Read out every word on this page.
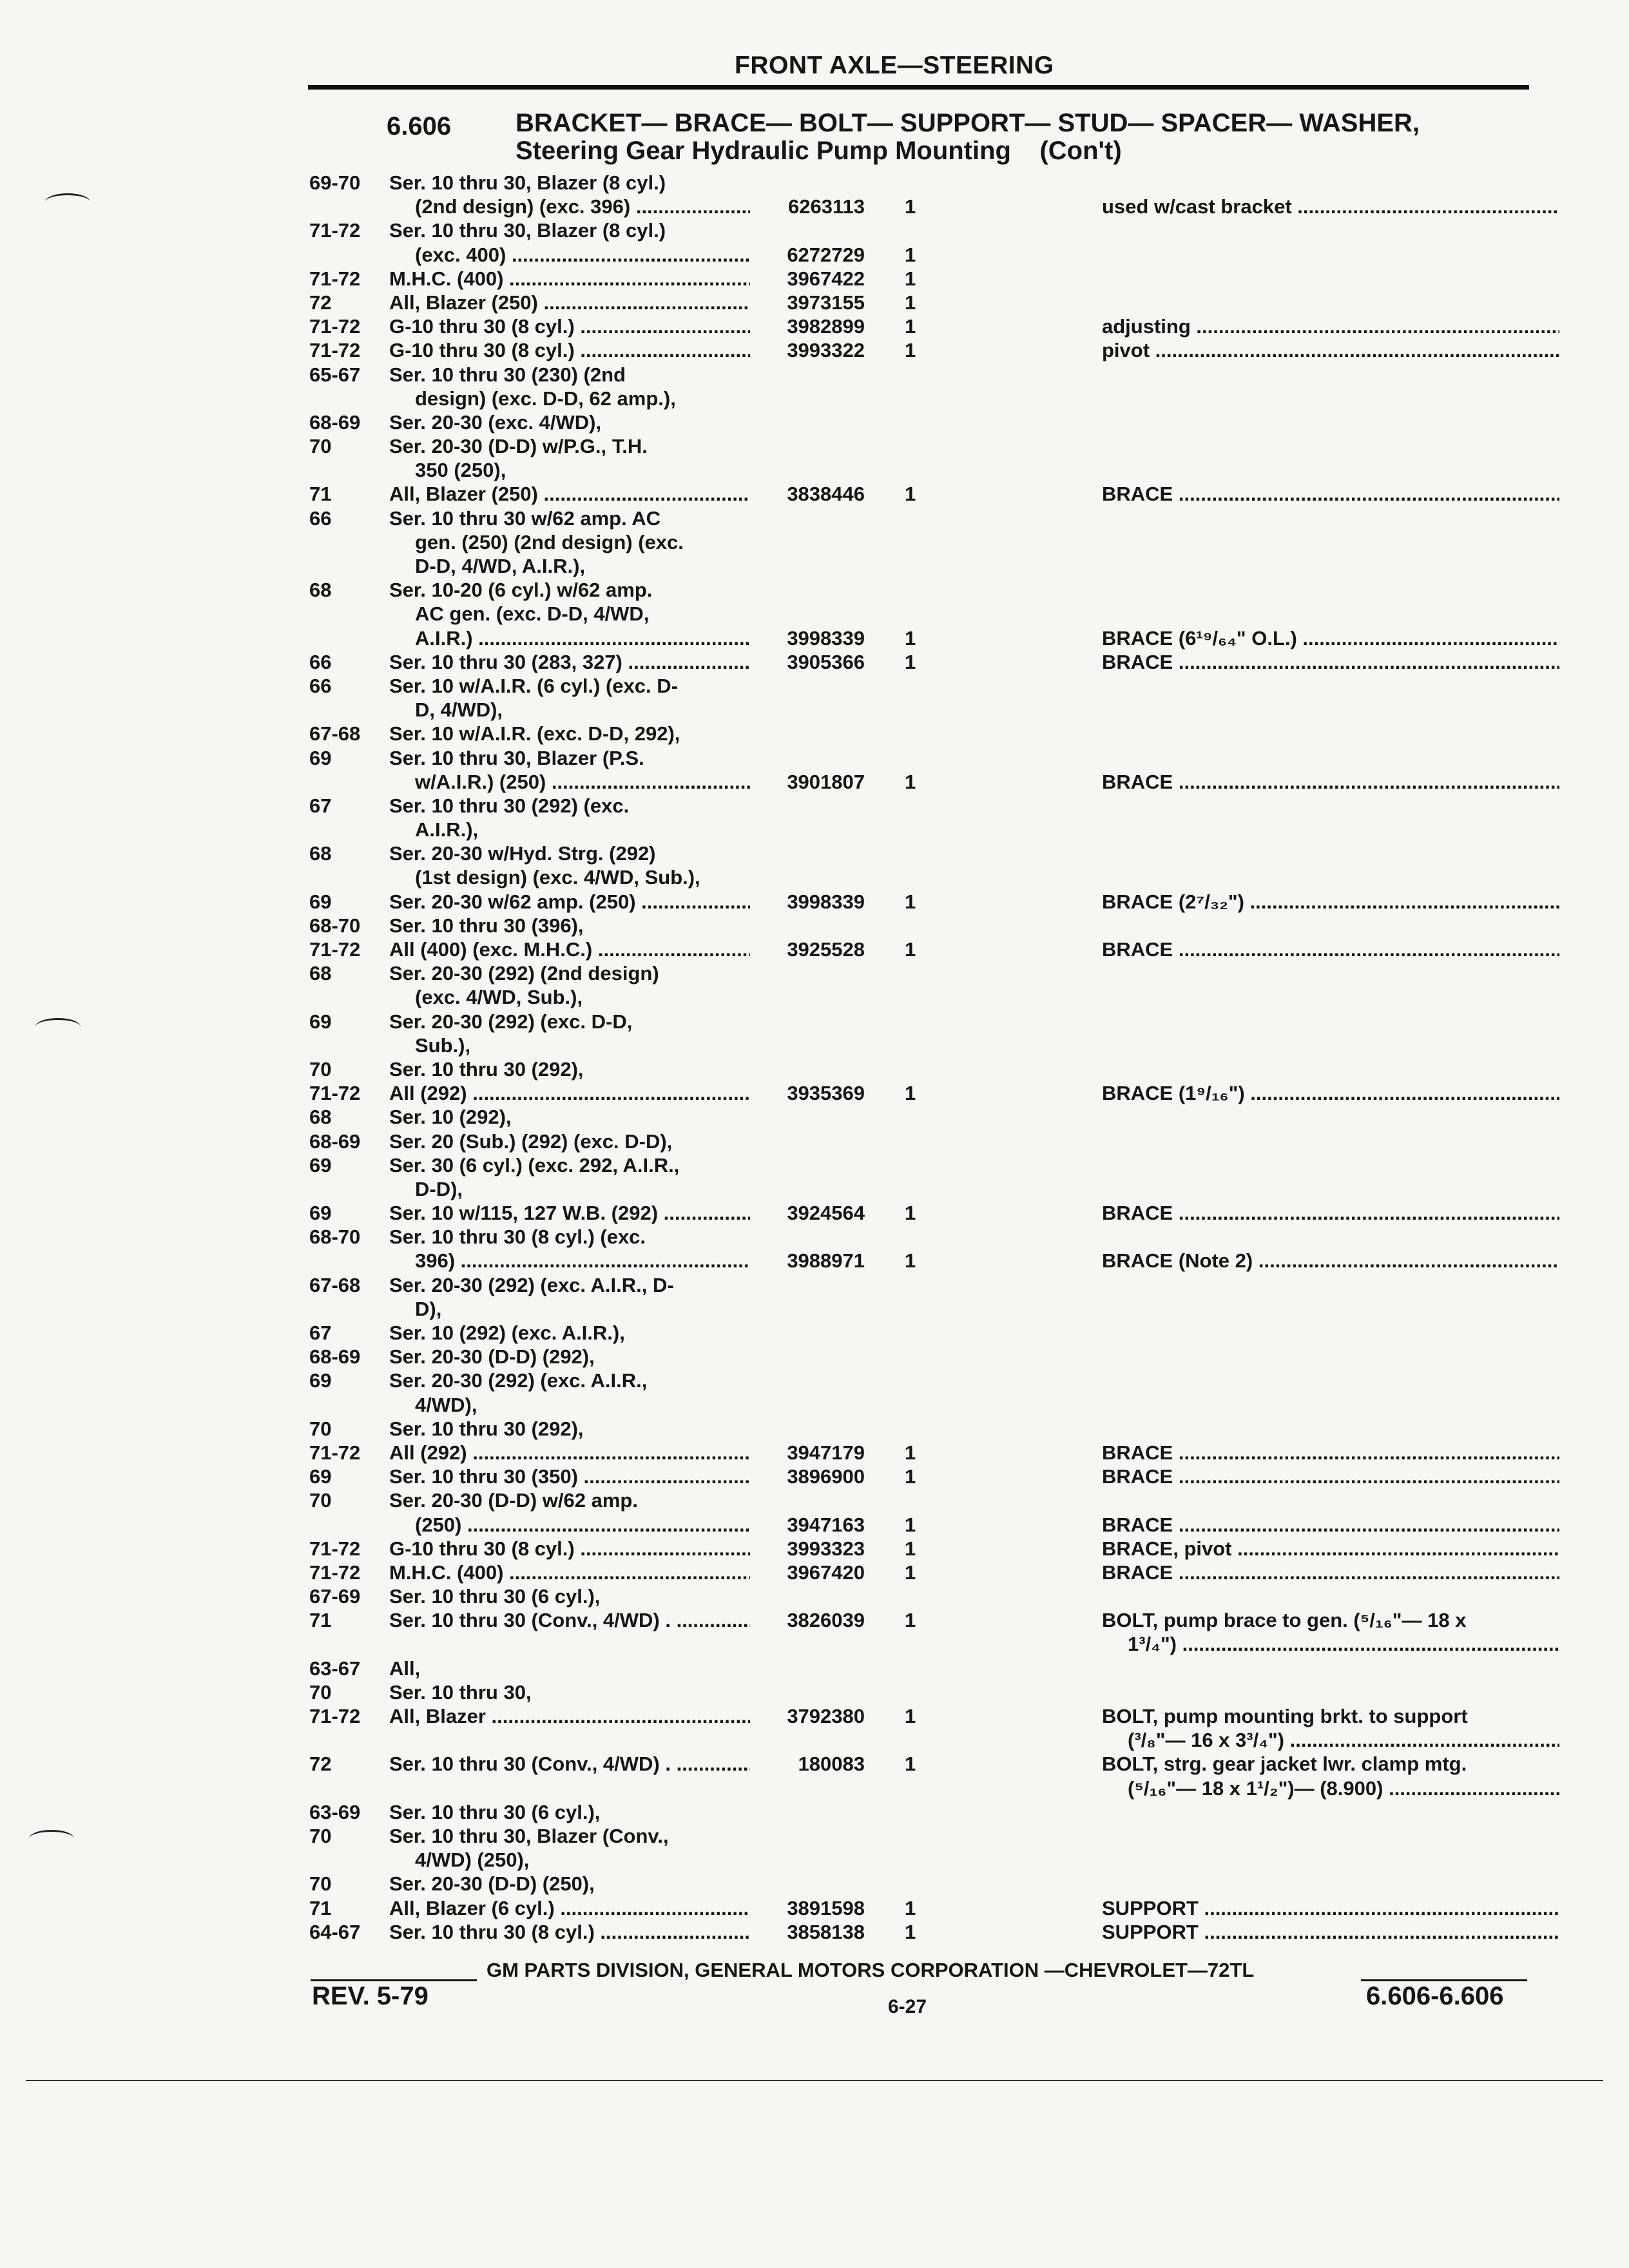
FRONT AXLE—STEERING
6.606 BRACKET— BRACE— BOLT— SUPPORT— STUD— SPACER— WASHER,
Steering Gear Hydraulic Pump Mounting    (Con't)
69-70	Ser. 10 thru 30, Blazer (8 cyl.)
(2nd design) (exc. 396) .....	6263113	1	used w/cast bracket .....
71-72	Ser. 10 thru 30, Blazer (8 cyl.)
(exc. 400) .....	6272729	1
71-72	M.H.C. (400) .....	3967422	1
72	All, Blazer (250) .....	3973155	1
71-72	G-10 thru 30 (8 cyl.) .....	3982899	1	adjusting .....
71-72	G-10 thru 30 (8 cyl.) .....	3993322	1	pivot .....
65-67	Ser. 10 thru 30 (230) (2nd
design) (exc. D-D, 62 amp.),
68-69	Ser. 20-30 (exc. 4/WD),
70	Ser. 20-30 (D-D) w/P.G., T.H.
350 (250),
71	All, Blazer (250) .....	3838446	1	BRACE .....
66	Ser. 10 thru 30 w/62 amp. AC
gen. (250) (2nd design) (exc.
D-D, 4/WD, A.I.R.),
68	Ser. 10-20 (6 cyl.) w/62 amp.
AC gen. (exc. D-D, 4/WD,
A.I.R.) .....	3998339	1	BRACE (6¹⁹/₆₄" O.L.) .....
66	Ser. 10 thru 30 (283, 327) .....	3905366	1	BRACE .....
66	Ser. 10 w/A.I.R. (6 cyl.) (exc. D-
D, 4/WD),
67-68	Ser. 10 w/A.I.R. (exc. D-D, 292),
69	Ser. 10 thru 30, Blazer (P.S.
w/A.I.R.) (250) .....	3901807	1	BRACE .....
67	Ser. 10 thru 30 (292) (exc.
A.I.R.),
68	Ser. 20-30 w/Hyd. Strg. (292)
(1st design) (exc. 4/WD, Sub.),
69	Ser. 20-30 w/62 amp. (250) .....	3998339	1	BRACE (2⁷/₃₂") .....
68-70	Ser. 10 thru 30 (396),
71-72	All (400) (exc. M.H.C.) .....	3925528	1	BRACE .....
68	Ser. 20-30 (292) (2nd design)
(exc. 4/WD, Sub.),
69	Ser. 20-30 (292) (exc. D-D,
Sub.),
70	Ser. 10 thru 30 (292),
71-72	All (292) .....	3935369	1	BRACE (1⁹/₁₆") .....
68	Ser. 10 (292),
68-69	Ser. 20 (Sub.) (292) (exc. D-D),
69	Ser. 30 (6 cyl.) (exc. 292, A.I.R.,
D-D),
69	Ser. 10 w/115, 127 W.B. (292) .....	3924564	1	BRACE .....
68-70	Ser. 10 thru 30 (8 cyl.) (exc.
396) .....	3988971	1	BRACE (Note 2) .....
67-68	Ser. 20-30 (292) (exc. A.I.R., D-
D),
67	Ser. 10 (292) (exc. A.I.R.),
68-69	Ser. 20-30 (D-D) (292),
69	Ser. 20-30 (292) (exc. A.I.R.,
4/WD),
70	Ser. 10 thru 30 (292),
71-72	All (292) .....	3947179	1	BRACE .....
69	Ser. 10 thru 30 (350) .....	3896900	1	BRACE .....
70	Ser. 20-30 (D-D) w/62 amp.
(250) .....	3947163	1	BRACE .....
71-72	G-10 thru 30 (8 cyl.) .....	3993323	1	BRACE, pivot .....
71-72	M.H.C. (400) .....	3967420	1	BRACE .....
67-69	Ser. 10 thru 30 (6 cyl.),
71	Ser. 10 thru 30 (Conv., 4/WD) . .....	3826039	1	BOLT, pump brace to gen. (⁵/₁₆"— 18 x
1³/₄") .....
63-67	All,
70	Ser. 10 thru 30,
71-72	All, Blazer .....	3792380	1	BOLT, pump mounting brkt. to support
(³/₈"— 16 x 3³/₄") .....
72	Ser. 10 thru 30 (Conv., 4/WD) . .....	180083	1	BOLT, strg. gear jacket lwr. clamp mtg.
(⁵/₁₆"— 18 x 1¹/₂")— (8.900) .....
63-69	Ser. 10 thru 30 (6 cyl.),
70	Ser. 10 thru 30, Blazer (Conv.,
4/WD) (250),
70	Ser. 20-30 (D-D) (250),
71	All, Blazer (6 cyl.) .....	3891598	1	SUPPORT .....
64-67	Ser. 10 thru 30 (8 cyl.) .....	3858138	1	SUPPORT .....
GM PARTS DIVISION, GENERAL MOTORS CORPORATION —CHEVROLET—72TL
REV. 5-79	6-27	6.606-6.606
